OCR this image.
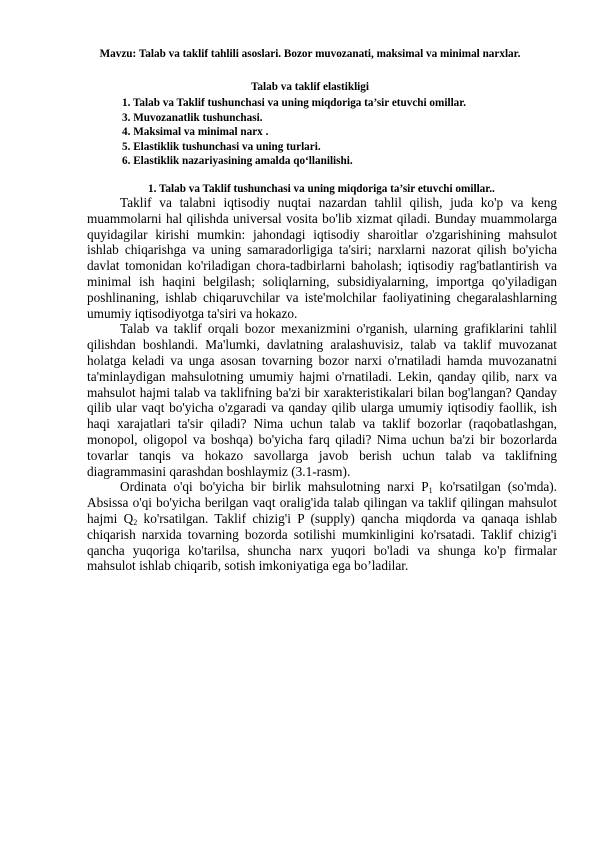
Mavzu: Talab va taklif tahlili asoslari. Bozor muvozanati, maksimal va minimal narxlar.
Talab va taklif elastikligi
1. Talab va Taklif tushunchasi va uning miqdoriga ta’sir etuvchi omillar.
3. Muvozanatlik tushunchasi.
4. Maksimal va minimal narx .
5. Elastiklik tushunchasi va uning turlari.
6. Elastiklik nazariyasining amalda qo‘llanilishi.
1. Talab va Taklif tushunchasi va uning miqdoriga ta’sir etuvchi omillar..

Taklif va talabni iqtisodiy nuqtai nazardan tahlil qilish, juda ko'p va keng muammolarni hal qilishda universal vosita bo'lib xizmat qiladi. Bunday muammolarga quyidagilar kirishi mumkin: jahondagi iqtisodiy sharoitlar o'zgarishining mahsulot ishlab chiqarishga va uning samaradorligiga ta'siri; narxlarni nazorat qilish bo'yicha davlat tomonidan ko'riladigan chora-tadbirlarni baholash; iqtisodiy rag'batlantirish va minimal ish haqini belgilash; soliqlarning, subsidiyalarning, importga qo'yiladigan poshlinaning, ishlab chiqaruvchilar va iste'molchilar faoliyatining chegaralashlarning umumiy iqtisodiyotga ta'siri va hokazo.

Talab va taklif orqali bozor mexanizmini o'rganish, ularning grafiklarini tahlil qilishdan boshlandi. Ma'lumki, davlatning aralashuvisiz, talab va taklif muvozanat holatga keladi va unga asosan tovarning bozor narxi o'rnatiladi hamda muvozanatni ta'minlaydigan mahsulotning umumiy hajmi o'rnatiladi. Lekin, qanday qilib, narx va mahsulot hajmi talab va taklifning ba'zi bir xarakteristikalari bilan bog'langan? Qanday qilib ular vaqt bo'yicha o'zgaradi va qanday qilib ularga umumiy iqtisodiy faollik, ish haqi xarajatlari ta'sir qiladi? Nima uchun talab va taklif bozorlar (raqobatlashgan, monopol, oligopol va boshqa) bo'yicha farq qiladi? Nima uchun ba'zi bir bozorlarda tovarlar tanqis va hokazo savollarga javob berish uchun talab va taklifning diagrammasini qarashdan boshlaymiz (3.1-rasm).

Ordinata o'qi bo'yicha bir birlik mahsulotning narxi $P_1$ ko'rsatilgan (so'mda). Absissa o'qi bo'yicha berilgan vaqt oralig'ida talab qilingan va taklif qilingan mahsulot hajmi $Q_2$ ko'rsatilgan. Taklif chizig'i P (supply) qancha miqdorda va qanaqa ishlab chiqarish narxida tovarning bozorda sotilishi mumkinligini ko'rsatadi. Taklif chizig'i qancha yuqoriga ko'tarilsa, shuncha narx yuqori bo'ladi va shunga ko'p firmalar mahsulot ishlab chiqarib, sotish imkoniyatiga ega bo’ladilar.
